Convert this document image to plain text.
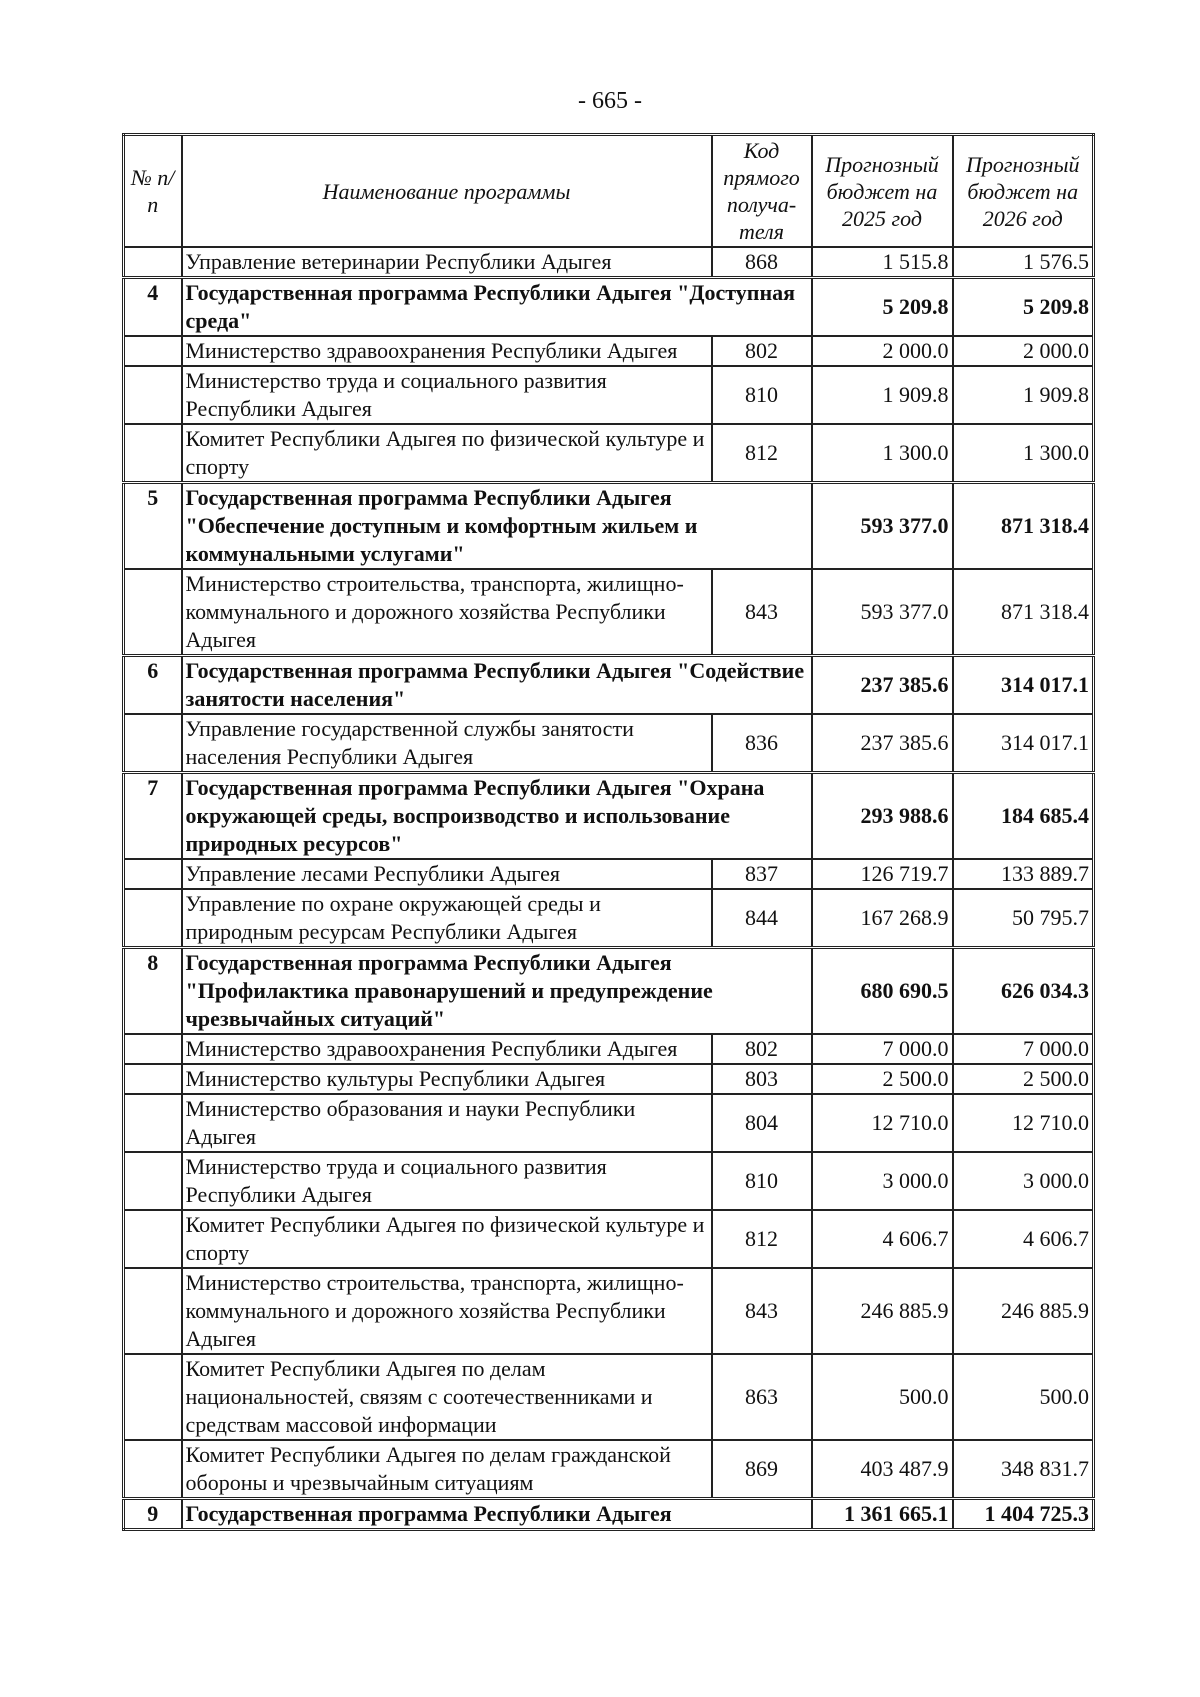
- 665 -
№ п/п	Наименование программы	Код прямого получа-теля	Прогнозный бюджет на 2025 год	Прогнозный бюджет на 2026 год
	Управление ветеринарии Республики Адыгея	868	1 515.8	1 576.5
4	Государственная программа Республики Адыгея "Доступная среда"		5 209.8	5 209.8
	Министерство здравоохранения Республики Адыгея	802	2 000.0	2 000.0
	Министерство труда и социального развития Республики Адыгея	810	1 909.8	1 909.8
	Комитет Республики Адыгея по физической культуре и спорту	812	1 300.0	1 300.0
5	Государственная программа Республики Адыгея "Обеспечение доступным и комфортным жильем и коммунальными услугами"		593 377.0	871 318.4
	Министерство строительства, транспорта, жилищно-коммунального и дорожного хозяйства Республики Адыгея	843	593 377.0	871 318.4
6	Государственная программа Республики Адыгея "Содействие занятости населения"		237 385.6	314 017.1
	Управление государственной службы занятости населения Республики Адыгея	836	237 385.6	314 017.1
7	Государственная программа Республики Адыгея "Охрана окружающей среды, воспроизводство и использование природных ресурсов"		293 988.6	184 685.4
	Управление лесами Республики Адыгея	837	126 719.7	133 889.7
	Управление по охране окружающей среды и природным ресурсам Республики Адыгея	844	167 268.9	50 795.7
8	Государственная программа Республики Адыгея "Профилактика правонарушений и предупреждение чрезвычайных ситуаций"		680 690.5	626 034.3
	Министерство здравоохранения Республики Адыгея	802	7 000.0	7 000.0
	Министерство культуры Республики Адыгея	803	2 500.0	2 500.0
	Министерство образования и науки Республики Адыгея	804	12 710.0	12 710.0
	Министерство труда и социального развития Республики Адыгея	810	3 000.0	3 000.0
	Комитет Республики Адыгея по физической культуре и спорту	812	4 606.7	4 606.7
	Министерство строительства, транспорта, жилищно-коммунального и дорожного хозяйства Республики Адыгея	843	246 885.9	246 885.9
	Комитет Республики Адыгея по делам национальностей, связям с соотечественниками и средствам массовой информации	863	500.0	500.0
	Комитет Республики Адыгея по делам гражданской обороны и чрезвычайным ситуациям	869	403 487.9	348 831.7
9	Государственная программа Республики Адыгея		1 361 665.1	1 404 725.3
